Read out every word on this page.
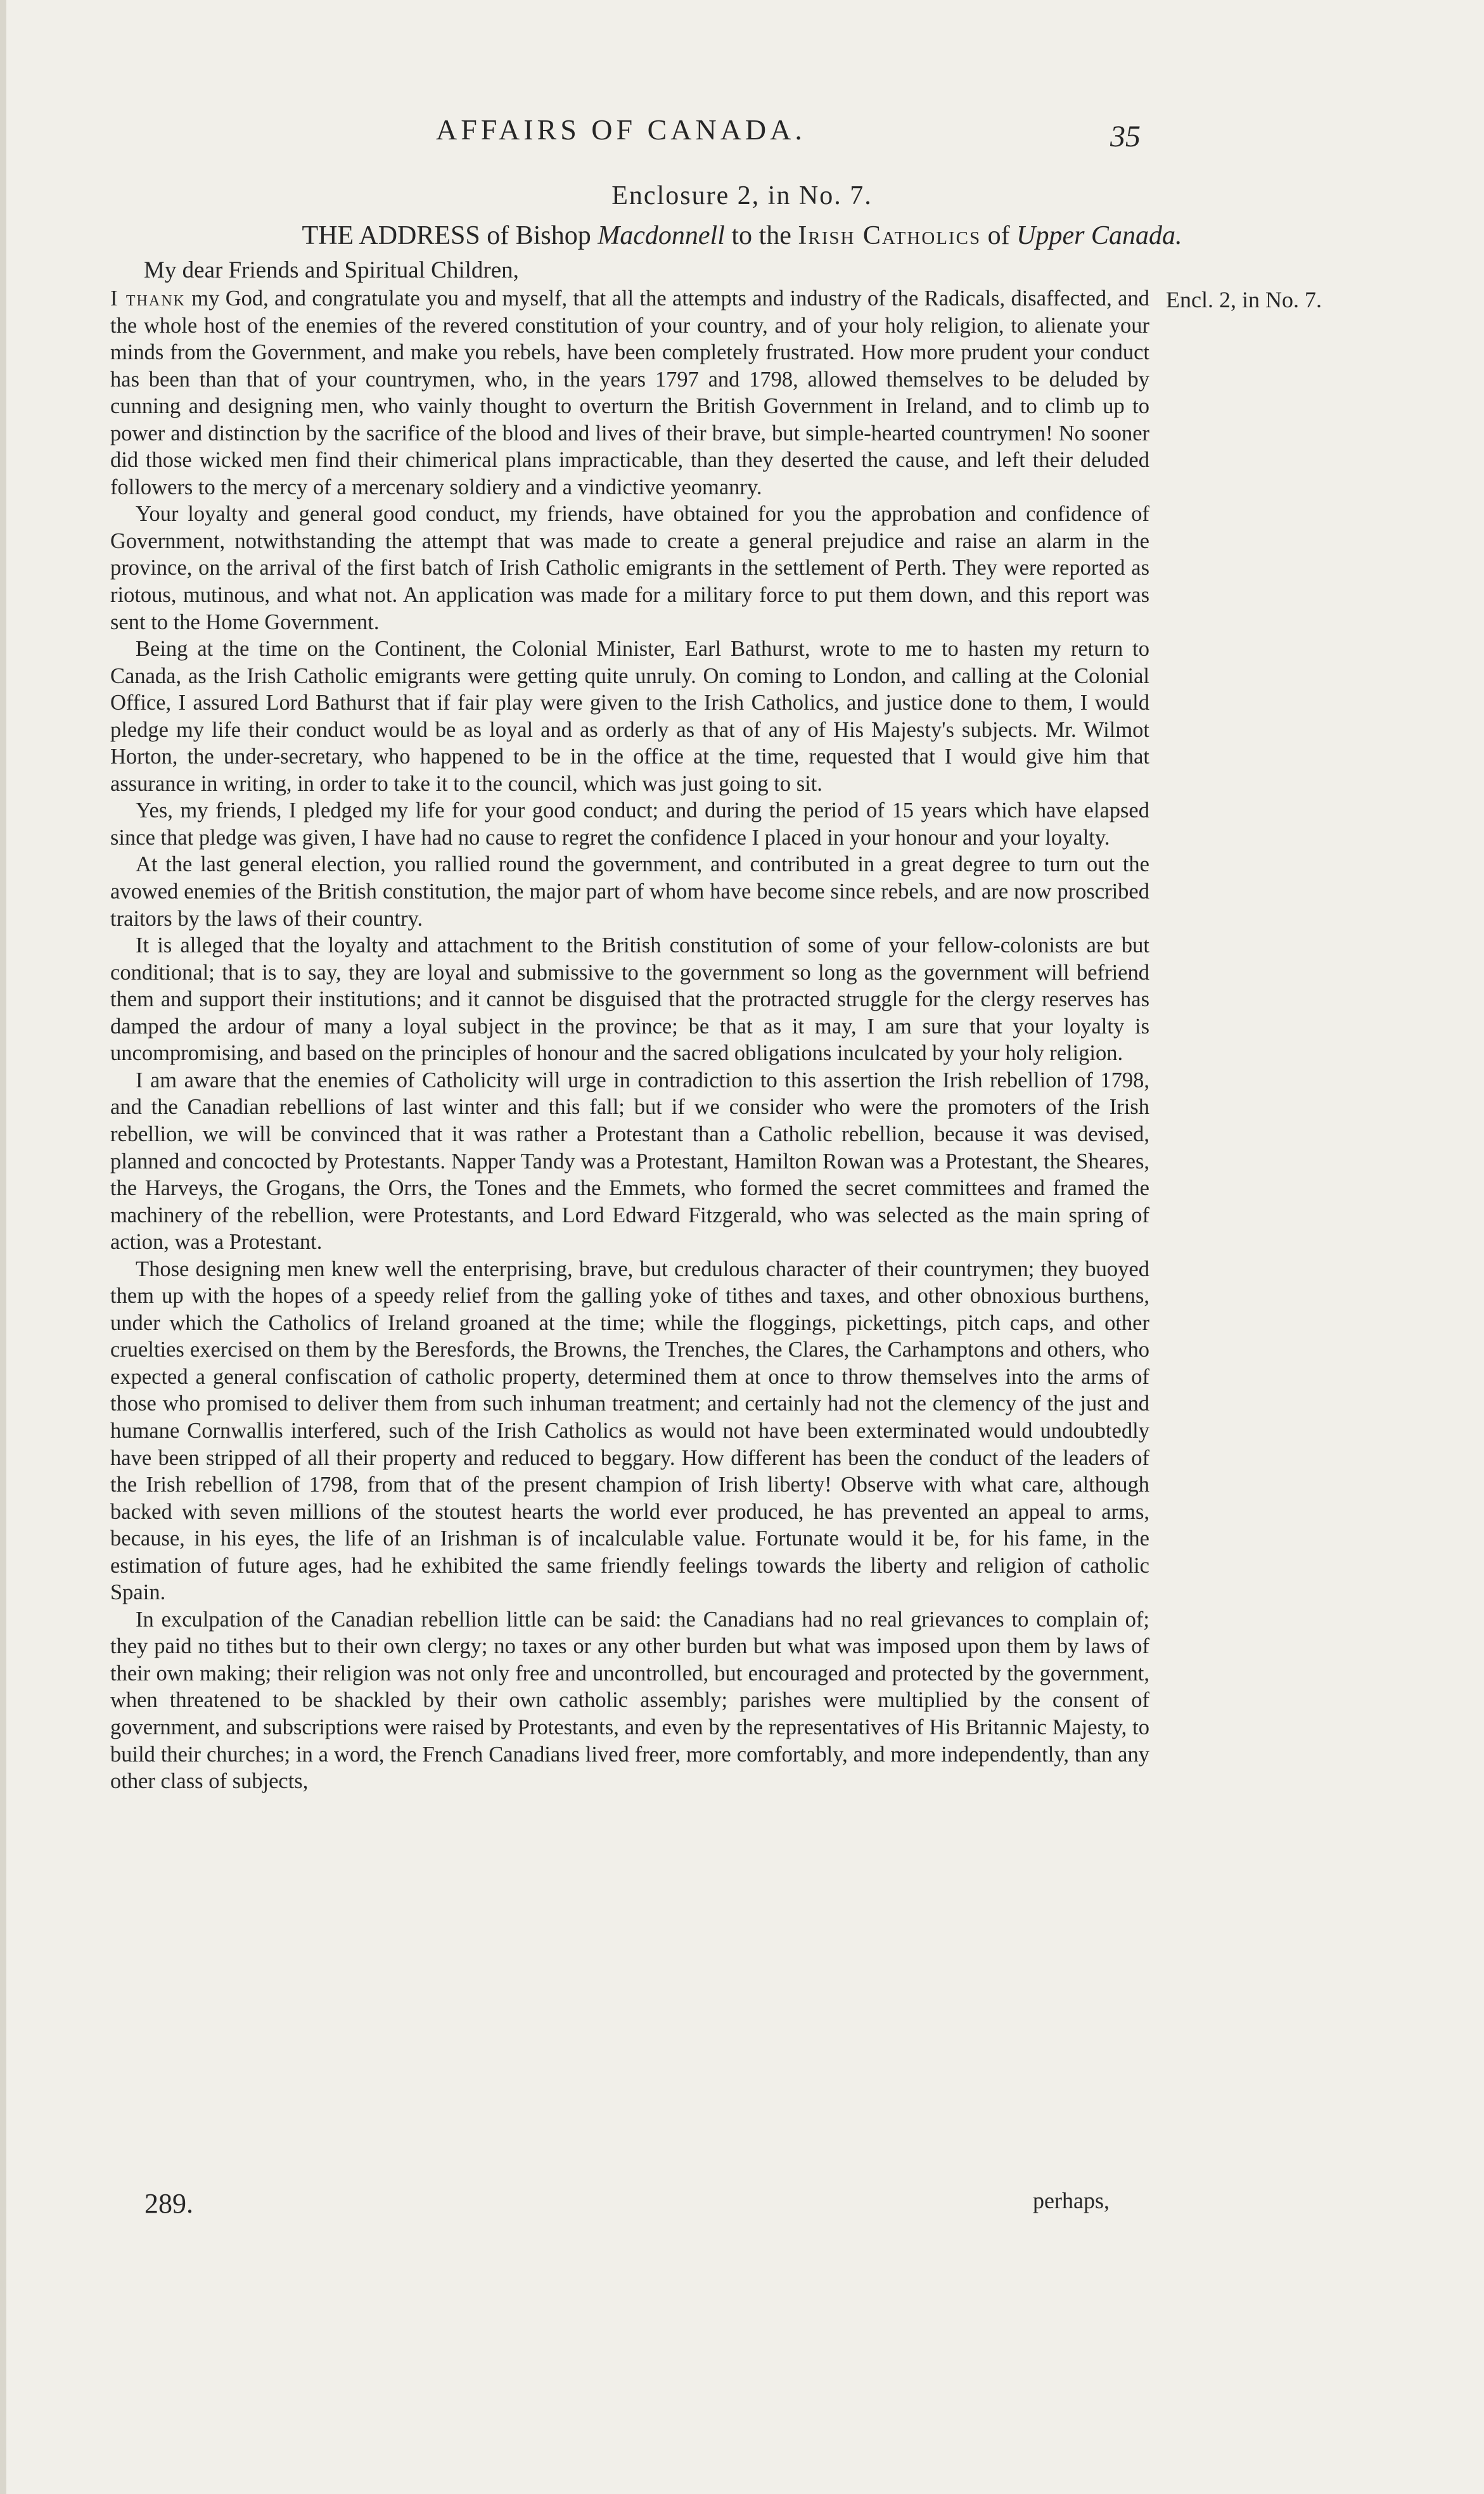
AFFAIRS OF CANADA.	35
Enclosure 2, in No. 7.
THE ADDRESS of Bishop Macdonnell to the Irish Catholics of Upper Canada.
My dear Friends and Spiritual Children,
Encl. 2, in No. 7.

I thank my God, and congratulate you and myself, that all the attempts and industry of the Radicals, disaffected, and the whole host of the enemies of the revered constitution of your country, and of your holy religion, to alienate your minds from the Government, and make you rebels, have been completely frustrated. How more prudent your conduct has been than that of your countrymen, who, in the years 1797 and 1798, allowed themselves to be deluded by cunning and designing men, who vainly thought to overturn the British Government in Ireland, and to climb up to power and distinction by the sacrifice of the blood and lives of their brave, but simple-hearted countrymen! No sooner did those wicked men find their chimerical plans impracticable, than they deserted the cause, and left their deluded followers to the mercy of a mercenary soldiery and a vindictive yeomanry.

Your loyalty and general good conduct, my friends, have obtained for you the approbation and confidence of Government, notwithstanding the attempt that was made to create a general prejudice and raise an alarm in the province, on the arrival of the first batch of Irish Catholic emigrants in the settlement of Perth. They were reported as riotous, mutinous, and what not. An application was made for a military force to put them down, and this report was sent to the Home Government.

Being at the time on the Continent, the Colonial Minister, Earl Bathurst, wrote to me to hasten my return to Canada, as the Irish Catholic emigrants were getting quite unruly. On coming to London, and calling at the Colonial Office, I assured Lord Bathurst that if fair play were given to the Irish Catholics, and justice done to them, I would pledge my life their conduct would be as loyal and as orderly as that of any of His Majesty's subjects. Mr. Wilmot Horton, the under-secretary, who happened to be in the office at the time, requested that I would give him that assurance in writing, in order to take it to the council, which was just going to sit.

Yes, my friends, I pledged my life for your good conduct; and during the period of 15 years which have elapsed since that pledge was given, I have had no cause to regret the confidence I placed in your honour and your loyalty.

At the last general election, you rallied round the government, and contributed in a great degree to turn out the avowed enemies of the British constitution, the major part of whom have become since rebels, and are now proscribed traitors by the laws of their country.

It is alleged that the loyalty and attachment to the British constitution of some of your fellow-colonists are but conditional; that is to say, they are loyal and submissive to the government so long as the government will befriend them and support their institutions; and it cannot be disguised that the protracted struggle for the clergy reserves has damped the ardour of many a loyal subject in the province; be that as it may, I am sure that your loyalty is uncompromising, and based on the principles of honour and the sacred obligations inculcated by your holy religion.

I am aware that the enemies of Catholicity will urge in contradiction to this assertion the Irish rebellion of 1798, and the Canadian rebellions of last winter and this fall; but if we consider who were the promoters of the Irish rebellion, we will be convinced that it was rather a Protestant than a Catholic rebellion, because it was devised, planned and concocted by Protestants. Napper Tandy was a Protestant, Hamilton Rowan was a Protestant, the Sheares, the Harveys, the Grogans, the Orrs, the Tones and the Emmets, who formed the secret committees and framed the machinery of the rebellion, were Protestants, and Lord Edward Fitzgerald, who was selected as the main spring of action, was a Protestant.

Those designing men knew well the enterprising, brave, but credulous character of their countrymen; they buoyed them up with the hopes of a speedy relief from the galling yoke of tithes and taxes, and other obnoxious burthens, under which the Catholics of Ireland groaned at the time; while the floggings, pickettings, pitch caps, and other cruelties exercised on them by the Beresfords, the Browns, the Trenches, the Clares, the Carhamptons and others, who expected a general confiscation of catholic property, determined them at once to throw themselves into the arms of those who promised to deliver them from such inhuman treatment; and certainly had not the clemency of the just and humane Cornwallis interfered, such of the Irish Catholics as would not have been exterminated would undoubtedly have been stripped of all their property and reduced to beggary. How different has been the conduct of the leaders of the Irish rebellion of 1798, from that of the present champion of Irish liberty! Observe with what care, although backed with seven millions of the stoutest hearts the world ever produced, he has prevented an appeal to arms, because, in his eyes, the life of an Irishman is of incalculable value. Fortunate would it be, for his fame, in the estimation of future ages, had he exhibited the same friendly feelings towards the liberty and religion of catholic Spain.

In exculpation of the Canadian rebellion little can be said: the Canadians had no real grievances to complain of; they paid no tithes but to their own clergy; no taxes or any other burden but what was imposed upon them by laws of their own making; their religion was not only free and uncontrolled, but encouraged and protected by the government, when threatened to be shackled by their own catholic assembly; parishes were multiplied by the consent of government, and subscriptions were raised by Protestants, and even by the representatives of His Britannic Majesty, to build their churches; in a word, the French Canadians lived freer, more comfortably, and more independently, than any other class of subjects,

289.	perhaps,
